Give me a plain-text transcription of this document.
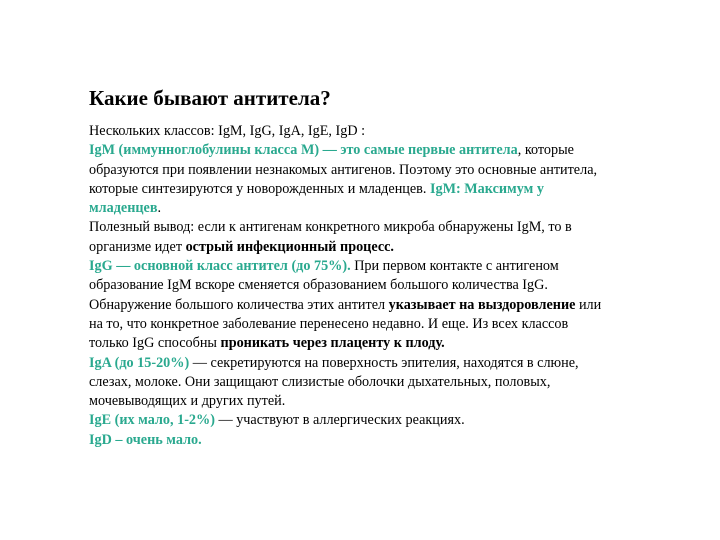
Какие бывают антитела?

Нескольких классов: IgM, IgG, IgA, IgE, IgD :

IgM (иммунноглобулины класса М) — это самые первые антитела, которые

образуются при появлении незнакомых антигенов. Поэтому это основные антитела,

которые синтезируются у новорожденных и младенцев. IgM: Максимум у

младенцев.

Полезный вывод: если к антигенам конкретного микроба обнаружены IgM, то в

организме идет острый инфекционный процесс.

IgG — основной класс антител (до 75%). При первом контакте с антигеном

образование IgM вскоре сменяется образованием большого количества IgG.

Обнаружение большого количества этих антител указывает на выздоровление или

на то, что конкретное заболевание перенесено недавно. И еще. Из всех классов

только IgG способны проникать через плаценту к плоду.

IgA (до 15-20%) — секретируются на поверхность эпителия, находятся в слюне,

слезах, молоке. Они защищают слизистые оболочки дыхательных, половых,

мочевыводящих и других путей.

IgE (их мало, 1-2%) — участвуют в аллергических реакциях.

IgD – очень мало.
